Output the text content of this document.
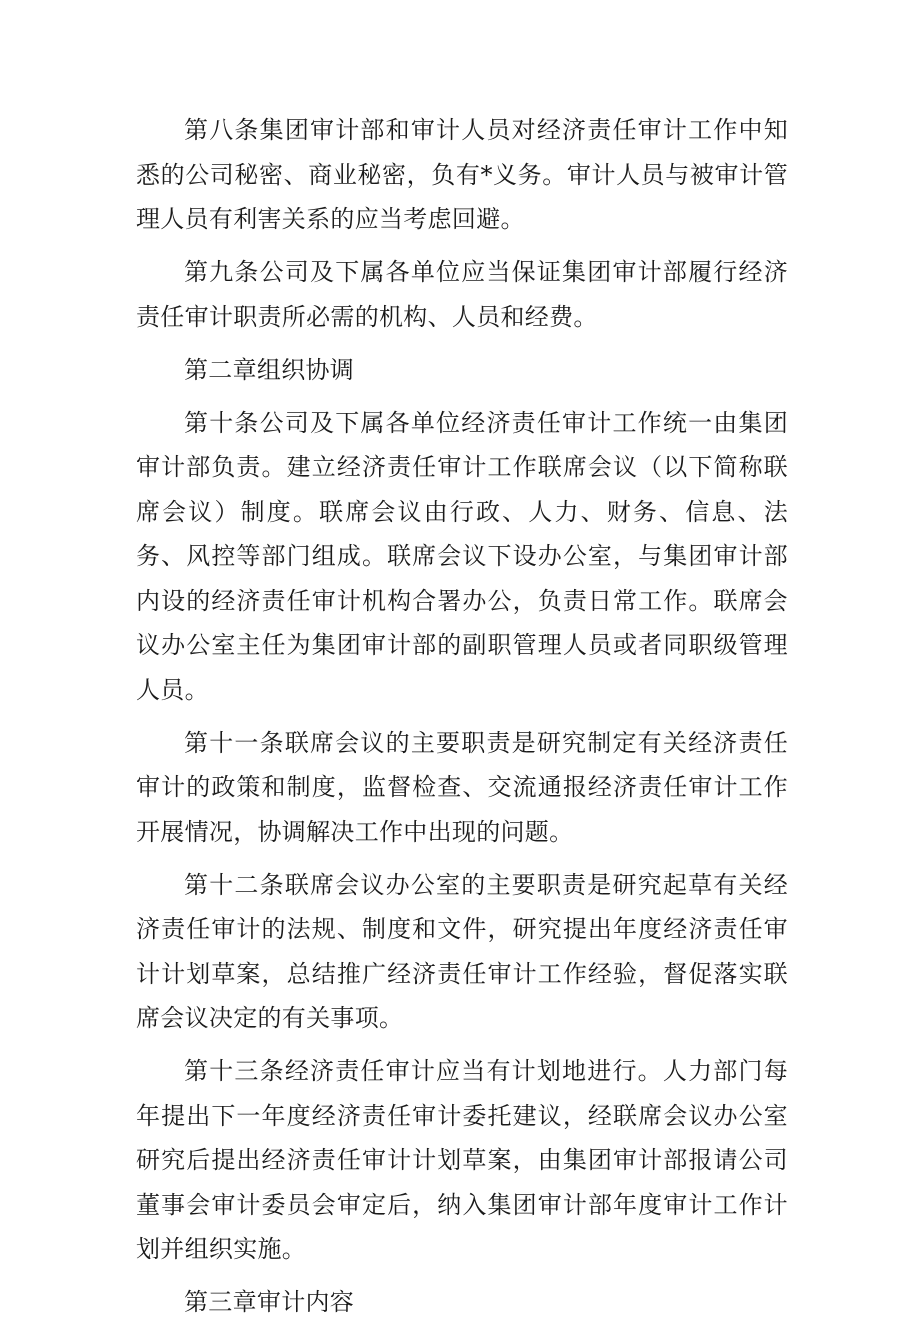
第八条集团审计部和审计人员对经济责任审计工作中知悉的公司秘密、商业秘密，负有*义务。审计人员与被审计管理人员有利害关系的应当考虑回避。

第九条公司及下属各单位应当保证集团审计部履行经济责任审计职责所必需的机构、人员和经费。

第二章组织协调

第十条公司及下属各单位经济责任审计工作统一由集团审计部负责。建立经济责任审计工作联席会议（以下简称联席会议）制度。联席会议由行政、人力、财务、信息、法务、风控等部门组成。联席会议下设办公室，与集团审计部内设的经济责任审计机构合署办公，负责日常工作。联席会议办公室主任为集团审计部的副职管理人员或者同职级管理人员。

第十一条联席会议的主要职责是研究制定有关经济责任审计的政策和制度，监督检查、交流通报经济责任审计工作开展情况，协调解决工作中出现的问题。

第十二条联席会议办公室的主要职责是研究起草有关经济责任审计的法规、制度和文件，研究提出年度经济责任审计计划草案，总结推广经济责任审计工作经验，督促落实联席会议决定的有关事项。

第十三条经济责任审计应当有计划地进行。人力部门每年提出下一年度经济责任审计委托建议，经联席会议办公室研究后提出经济责任审计计划草案，由集团审计部报请公司董事会审计委员会审定后，纳入集团审计部年度审计工作计划并组织实施。

第三章审计内容
